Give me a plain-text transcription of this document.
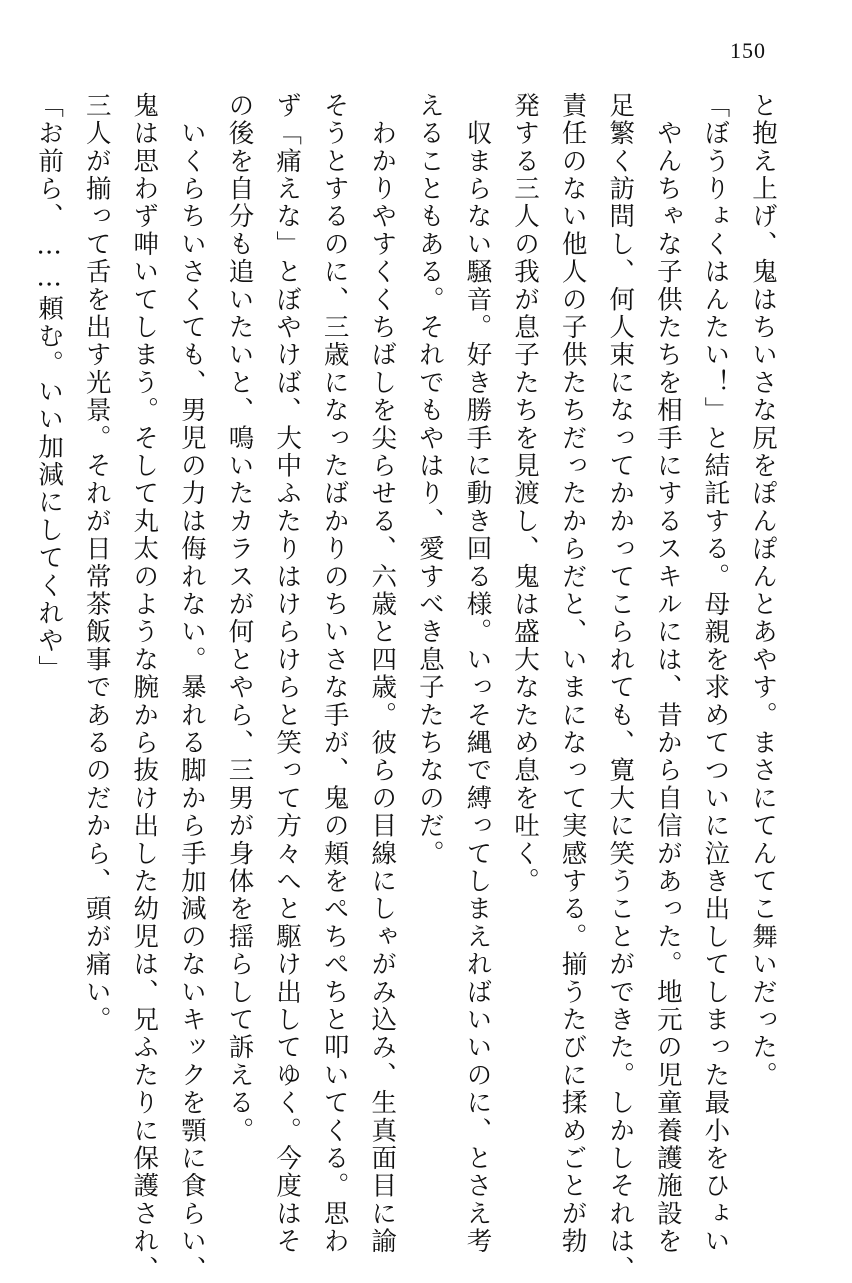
150

と抱え上げ、鬼はちいさな尻をぽんぽんとあやす。まさにてんてこ舞いだった。

「ぼうりょくはんたい！」と結託する。母親を求めてついに泣き出してしまった最小をひょい

　やんちゃな子供たちを相手にするスキルには、昔から自信があった。地元の児童養護施設を

足繁く訪問し、何人束になってかかってこられても、寛大に笑うことができた。しかしそれは、

責任のない他人の子供たちだったからだと、いまになって実感する。揃うたびに揉めごとが勃

発する三人の我が息子たちを見渡し、鬼は盛大なため息を吐く。

　収まらない騒音。好き勝手に動き回る様。いっそ縄で縛ってしまえればいいのに、とさえ考

えることもある。それでもやはり、愛すべき息子たちなのだ。

　わかりやすくくちばしを尖らせる、六歳と四歳。彼らの目線にしゃがみ込み、生真面目に諭

そうとするのに、三歳になったばかりのちいさな手が、鬼の頬をぺちぺちと叩いてくる。思わ

ず「痛えな」とぼやけば、大中ふたりはけらけらと笑って方々へと駆け出してゆく。今度はそ

の後を自分も追いたいと、鳴いたカラスが何とやら、三男が身体を揺らして訴える。

　いくらちいさくても、男児の力は侮れない。暴れる脚から手加減のないキックを顎に食らい、

鬼は思わず呻いてしまう。そして丸太のような腕から抜け出した幼児は、兄ふたりに保護され、

三人が揃って舌を出す光景。それが日常茶飯事であるのだから、頭が痛い。

「お前ら、……頼む。いい加減にしてくれや」
